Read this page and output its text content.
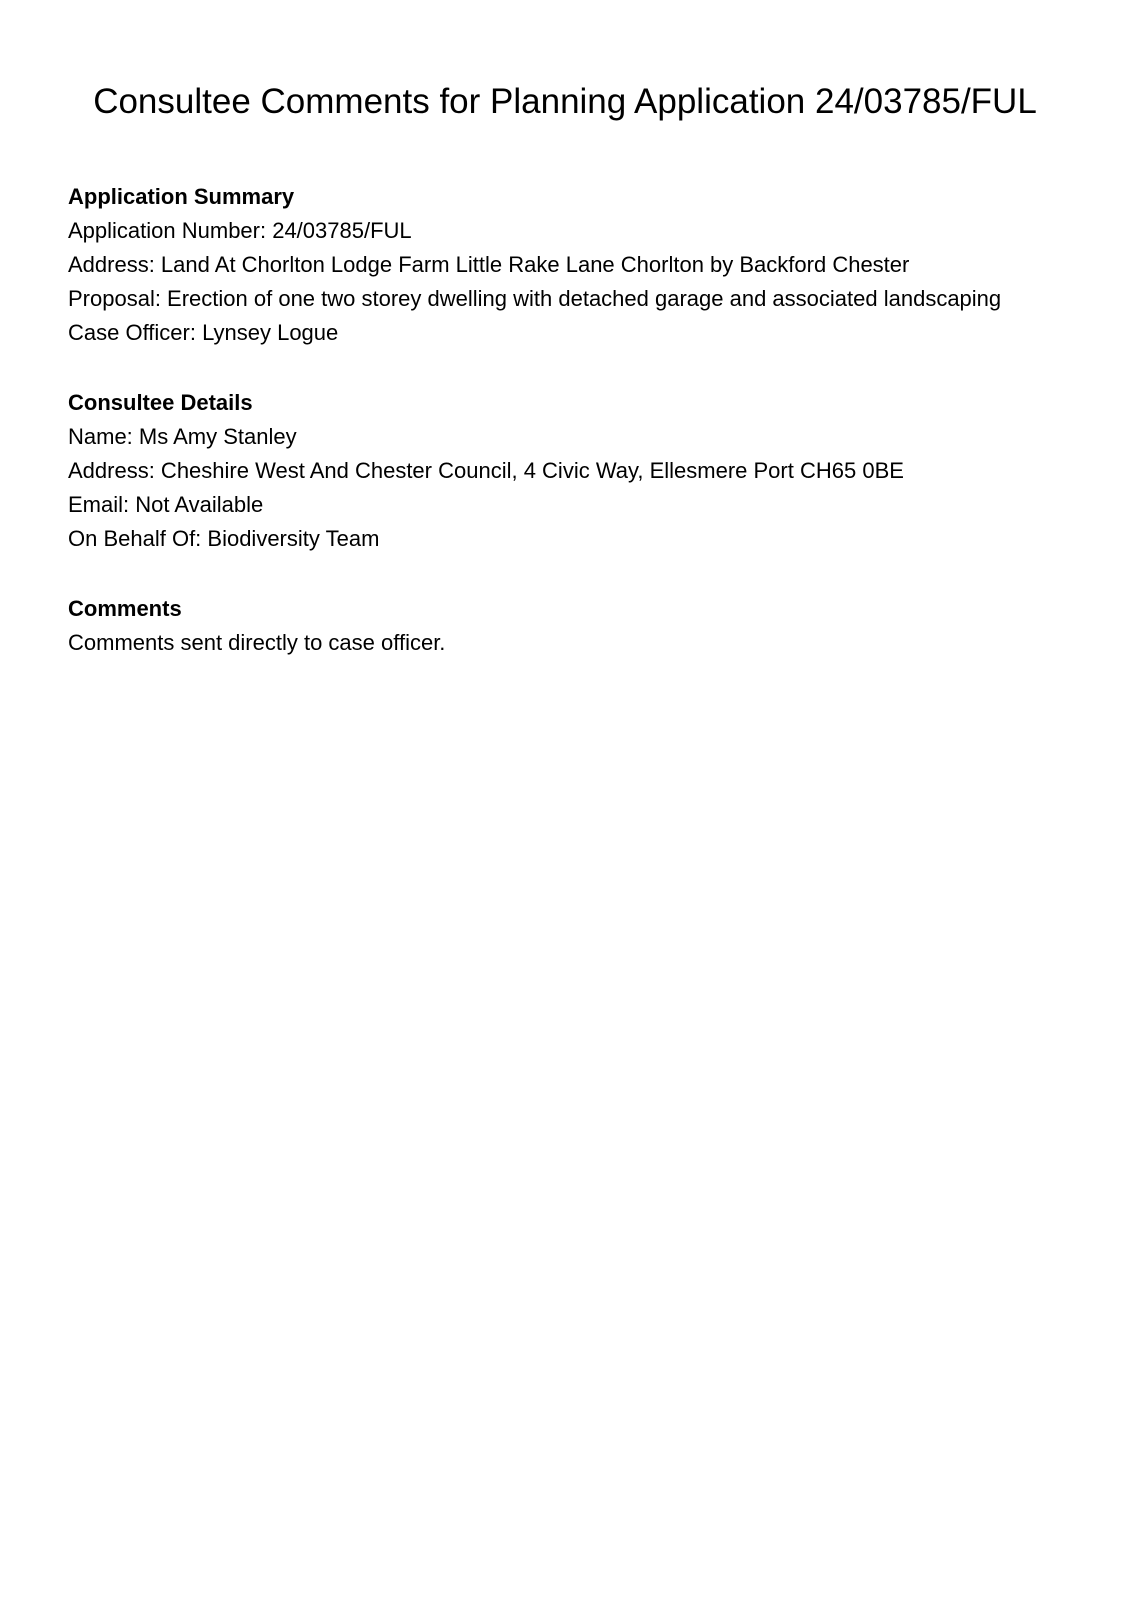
Consultee Comments for Planning Application 24/03785/FUL
Application Summary
Application Number: 24/03785/FUL
Address: Land At Chorlton Lodge Farm Little Rake Lane Chorlton by Backford Chester
Proposal: Erection of one two storey dwelling with detached garage and associated landscaping
Case Officer: Lynsey Logue
Consultee Details
Name: Ms Amy Stanley
Address: Cheshire West And Chester Council, 4 Civic Way, Ellesmere Port CH65 0BE
Email: Not Available
On Behalf Of: Biodiversity Team
Comments
Comments sent directly to case officer.
